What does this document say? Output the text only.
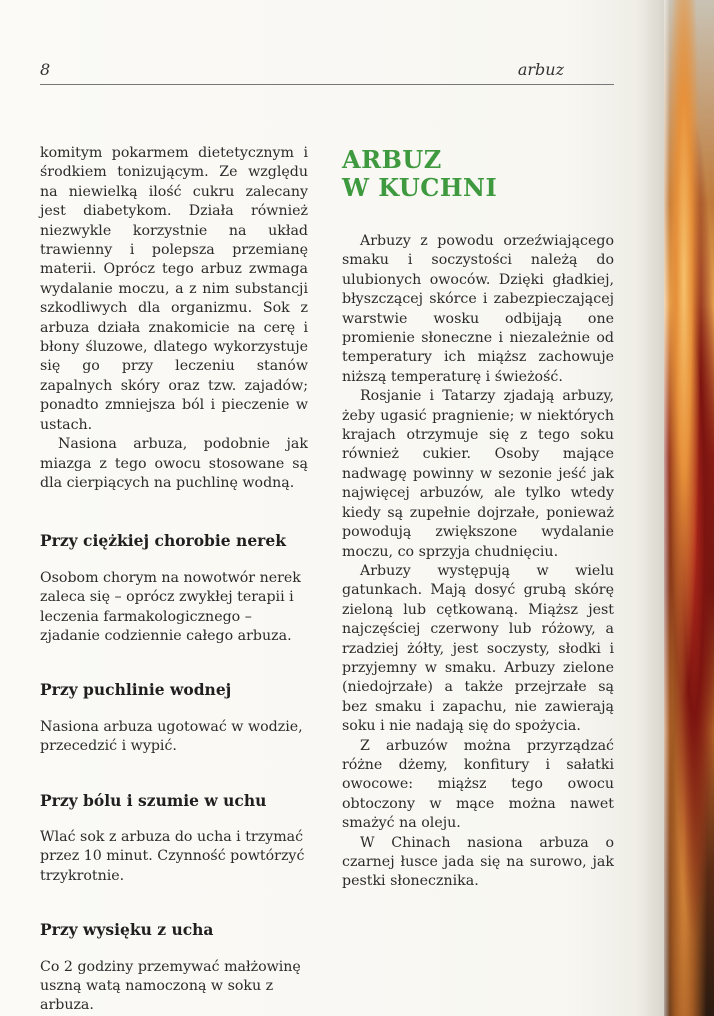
8	arbuz

komitym pokarmem dietetycznym i środkiem tonizującym. Ze względu na niewielką ilość cukru zalecany jest diabetykom. Działa również niezwykle korzystnie na układ trawienny i polepsza przemianę materii. Oprócz tego arbuz zwmaga wydalanie moczu, a z nim substancji szkodliwych dla organizmu. Sok z arbuza działa znakomicie na cerę i błony śluzowe, dlatego wykorzystuje się go przy leczeniu stanów zapalnych skóry oraz tzw. zajadów; ponadto zmniejsza ból i pieczenie w ustach.

Nasiona arbuza, podobnie jak miazga z tego owocu stosowane są dla cierpiących na puchlinę wodną.

Przy ciężkiej chorobie nerek

Osobom chorym na nowotwór nerek zaleca się – oprócz zwykłej terapii i leczenia farmakologicznego – zjadanie codziennie całego arbuza.

Przy puchlinie wodnej

Nasiona arbuza ugotować w wodzie, przecedzić i wypić.

Przy bólu i szumie w uchu

Wlać sok z arbuza do ucha i trzymać przez 10 minut. Czynność powtórzyć trzykrotnie.

Przy wysięku z ucha

Co 2 godziny przemywać małżowinę uszną watą namoczoną w soku z arbuza.

ARBUZ
W KUCHNI

Arbuzy z powodu orzeźwiającego smaku i soczystości należą do ulubionych owoców. Dzięki gładkiej, błyszczącej skórce i zabezpieczającej warstwie wosku odbijają one promienie słoneczne i niezależnie od temperatury ich miąższ zachowuje niższą temperaturę i świeżość.

Rosjanie i Tatarzy zjadają arbuzy, żeby ugasić pragnienie; w niektórych krajach otrzymuje się z tego soku również cukier. Osoby mające nadwagę powinny w sezonie jeść jak najwięcej arbuzów, ale tylko wtedy kiedy są zupełnie dojrzałe, ponieważ powodują zwiększone wydalanie moczu, co sprzyja chudnięciu.

Arbuzy występują w wielu gatunkach. Mają dosyć grubą skórę zieloną lub cętkowaną. Miąższ jest najczęściej czerwony lub różowy, a rzadziej żółty, jest soczysty, słodki i przyjemny w smaku. Arbuzy zielone (niedojrzałe) a także przejrzałe są bez smaku i zapachu, nie zawierają soku i nie nadają się do spożycia.

Z arbuzów można przyrządzać różne dżemy, konfitury i sałatki owocowe: miąższ tego owocu obtoczony w mące można nawet smażyć na oleju.

W Chinach nasiona arbuza o czarnej łusce jada się na surowo, jak pestki słonecznika.
